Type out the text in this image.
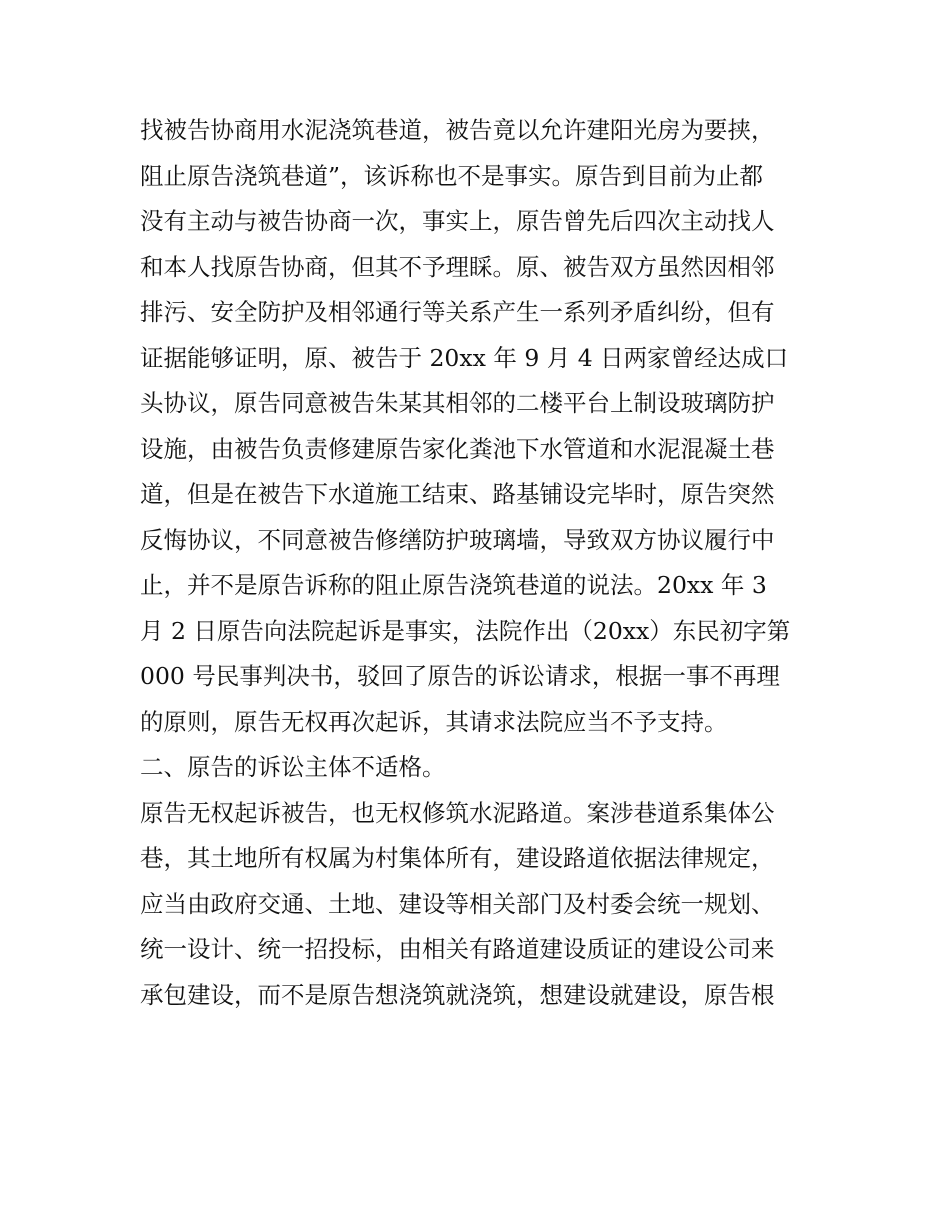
找被告协商用水泥浇筑巷道，被告竟以允许建阳光房为要挟，
阻止原告浇筑巷道”，该诉称也不是事实。原告到目前为止都
没有主动与被告协商一次，事实上，原告曾先后四次主动找人
和本人找原告协商，但其不予理睬。原、被告双方虽然因相邻
排污、安全防护及相邻通行等关系产生一系列矛盾纠纷，但有
证据能够证明，原、被告于 20xx 年 9 月 4 日两家曾经达成口
头协议，原告同意被告朱某其相邻的二楼平台上制设玻璃防护
设施，由被告负责修建原告家化粪池下水管道和水泥混凝土巷
道，但是在被告下水道施工结束、路基铺设完毕时，原告突然
反悔协议，不同意被告修缮防护玻璃墙，导致双方协议履行中
止，并不是原告诉称的阻止原告浇筑巷道的说法。20xx 年 3
月 2 日原告向法院起诉是事实，法院作出（20xx）东民初字第
000 号民事判决书，驳回了原告的诉讼请求，根据一事不再理
的原则，原告无权再次起诉，其请求法院应当不予支持。
二、原告的诉讼主体不适格。
原告无权起诉被告，也无权修筑水泥路道。案涉巷道系集体公
巷，其土地所有权属为村集体所有，建设路道依据法律规定，
应当由政府交通、土地、建设等相关部门及村委会统一规划、
统一设计、统一招投标，由相关有路道建设质证的建设公司来
承包建设，而不是原告想浇筑就浇筑，想建设就建设，原告根
